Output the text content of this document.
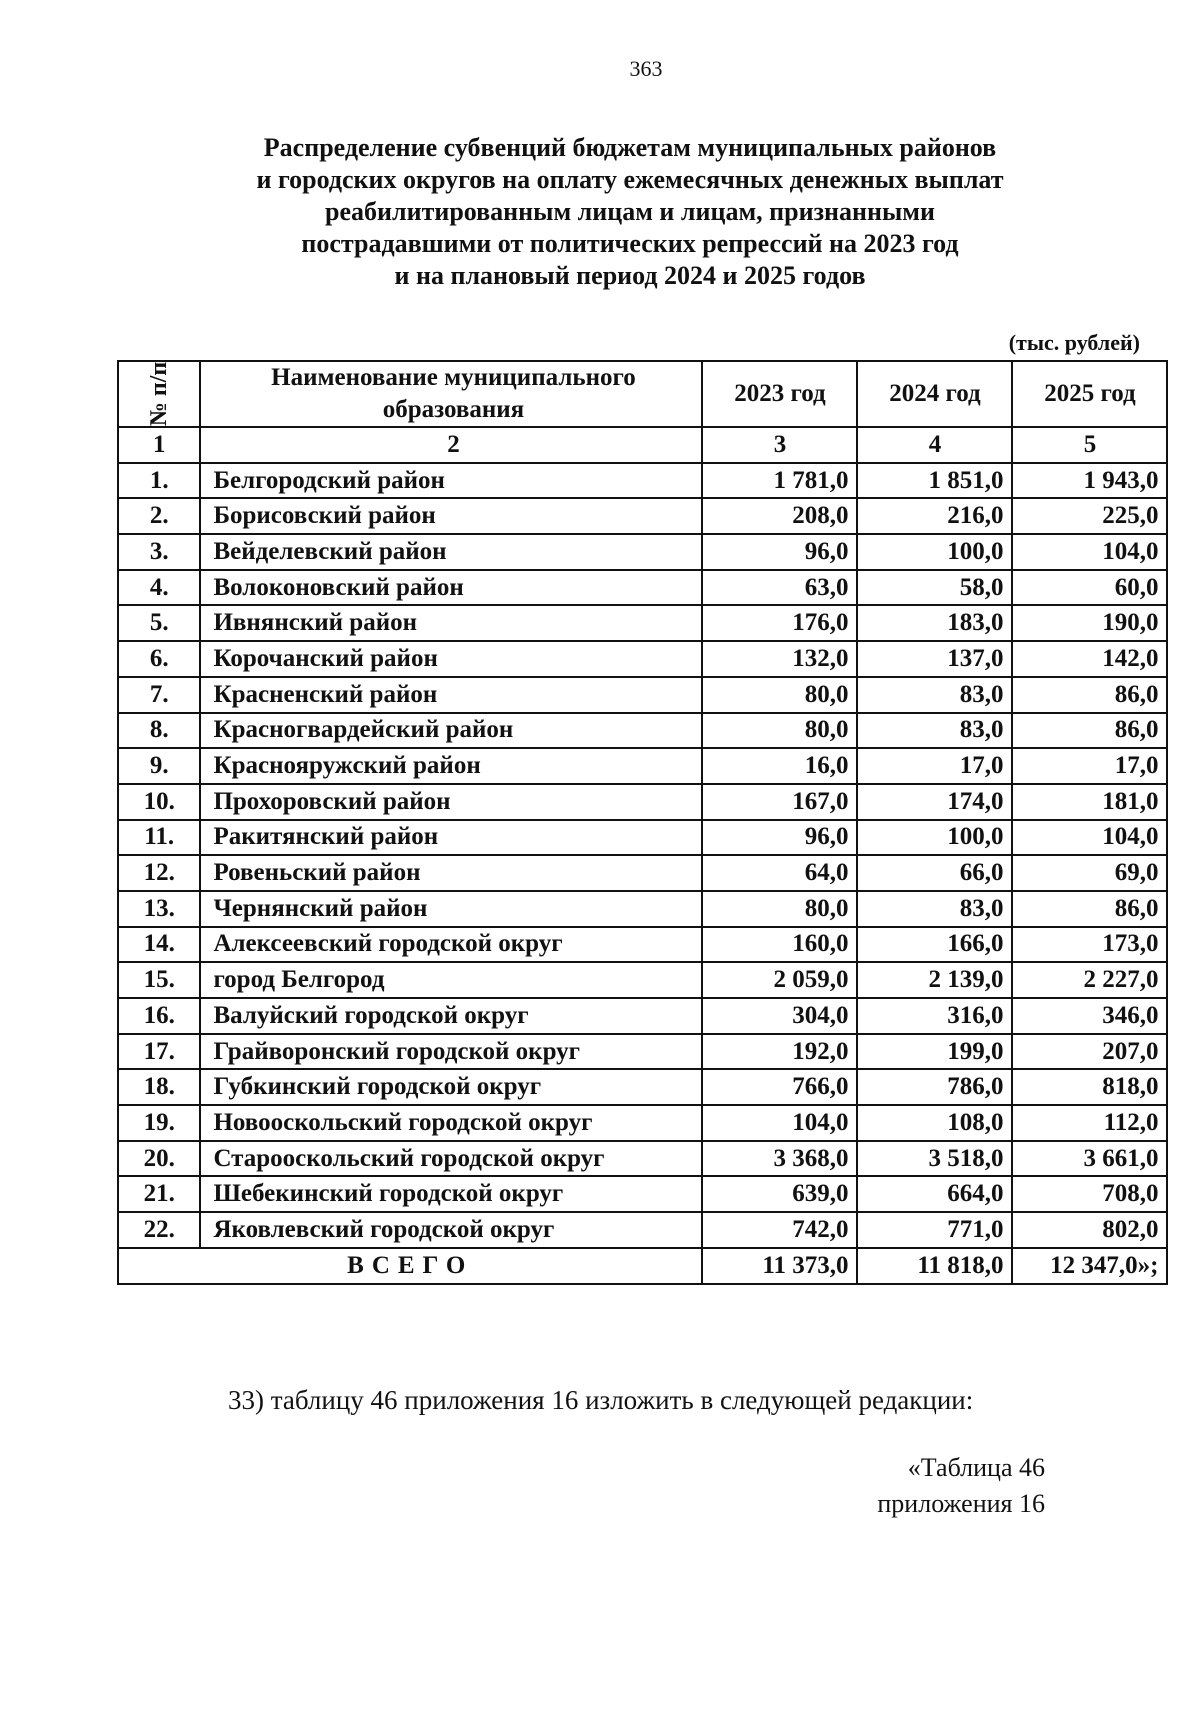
363
Распределение субвенций бюджетам муниципальных районов
и городских округов на оплату ежемесячных денежных выплат
реабилитированным лицам и лицам, признанными
пострадавшими от политических репрессий на 2023 год
и на плановый период 2024 и 2025 годов
(тыс. рублей)
№ п/п	Наименование муниципального образования	2023 год	2024 год	2025 год
1	2	3	4	5
1.	Белгородский район	1 781,0	1 851,0	1 943,0
2.	Борисовский район	208,0	216,0	225,0
3.	Вейделевский район	96,0	100,0	104,0
4.	Волоконовский район	63,0	58,0	60,0
5.	Ивнянский район	176,0	183,0	190,0
6.	Корочанский район	132,0	137,0	142,0
7.	Красненский район	80,0	83,0	86,0
8.	Красногвардейский район	80,0	83,0	86,0
9.	Краснояружский район	16,0	17,0	17,0
10.	Прохоровский район	167,0	174,0	181,0
11.	Ракитянский район	96,0	100,0	104,0
12.	Ровеньский район	64,0	66,0	69,0
13.	Чернянский район	80,0	83,0	86,0
14.	Алексеевский городской округ	160,0	166,0	173,0
15.	город Белгород	2 059,0	2 139,0	2 227,0
16.	Валуйский городской округ	304,0	316,0	346,0
17.	Грайворонский городской округ	192,0	199,0	207,0
18.	Губкинский городской округ	766,0	786,0	818,0
19.	Новооскольский городской округ	104,0	108,0	112,0
20.	Старооскольский городской округ	3 368,0	3 518,0	3 661,0
21.	Шебекинский городской округ	639,0	664,0	708,0
22.	Яковлевский городской округ	742,0	771,0	802,0
ВСЕГО		11 373,0	11 818,0	12 347,0»;
33) таблицу 46 приложения 16 изложить в следующей редакции:
«Таблица 46
приложения 16
